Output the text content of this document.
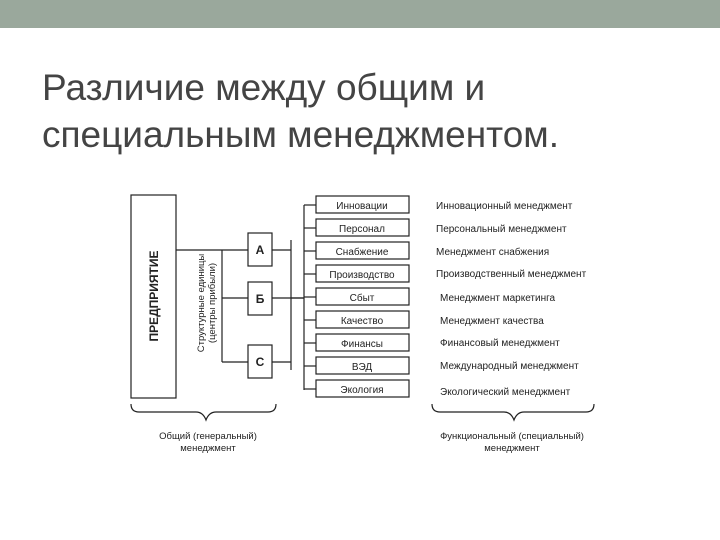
Различие между общим и
специальным менеджментом.
ПРЕДПРИЯТИЕ	Структурные единицы (центры прибыли)
А
Б
С
Инновации
Персонал
Снабжение
Производство
Сбыт
Качество
Финансы
ВЭД
Экология
Инновационный менеджмент
Персональный менеджмент
Менеджмент снабжения
Производственный менеджмент
Менеджмент маркетинга
Менеджмент качества
Финансовый менеджмент
Международный менеджмент
Экологический менеджмент
Общий (генеральный)
менеджмент
Функциональный (специальный)
менеджмент
